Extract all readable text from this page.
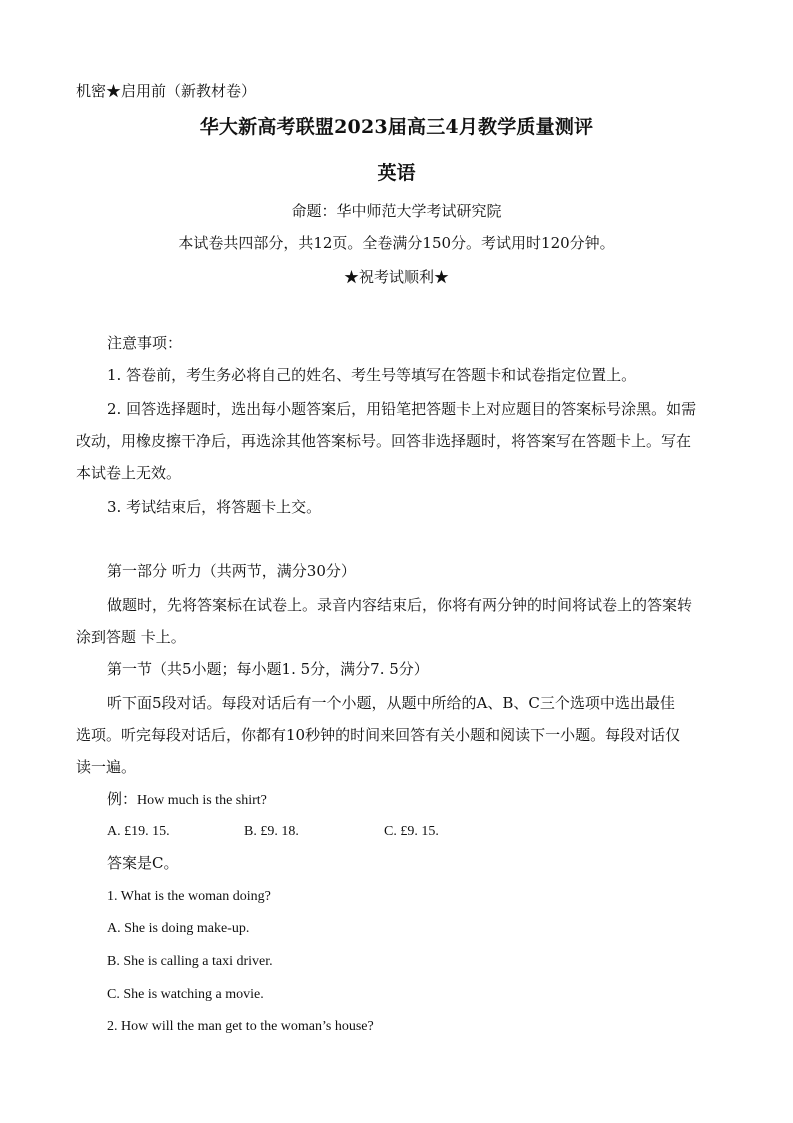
机密★启用前（新教材卷）
华大新高考联盟2023届高三4月教学质量测评
英语
命题：华中师范大学考试研究院
本试卷共四部分，共12页。全卷满分150分。考试用时120分钟。
★祝考试顺利★
注意事项：
1. 答卷前，考生务必将自己的姓名、考生号等填写在答题卡和试卷指定位置上。
2. 回答选择题时，选出每小题答案后，用铅笔把答题卡上对应题目的答案标号涂黑。如需
改动，用橡皮擦干净后，再选涂其他答案标号。回答非选择题时，将答案写在答题卡上。写在
本试卷上无效。
3. 考试结束后，将答题卡上交。
第一部分 听力（共两节，满分30分）
做题时，先将答案标在试卷上。录音内容结束后，你将有两分钟的时间将试卷上的答案转
涂到答题 卡上。
第一节（共5小题；每小题1. 5分，满分7. 5分）
听下面5段对话。每段对话后有一个小题，从题中所给的A、B、C三个选项中选出最佳
选项。听完每段对话后，你都有10秒钟的时间来回答有关小题和阅读下一小题。每段对话仅
读一遍。
例：How much is the shirt?
A. £19. 15.	B. £9. 18.	C. £9. 15.
答案是C。
1. What is the woman doing?
A. She is doing make-up.
B. She is calling a taxi driver.
C. She is watching a movie.
2. How will the man get to the woman’s house?
